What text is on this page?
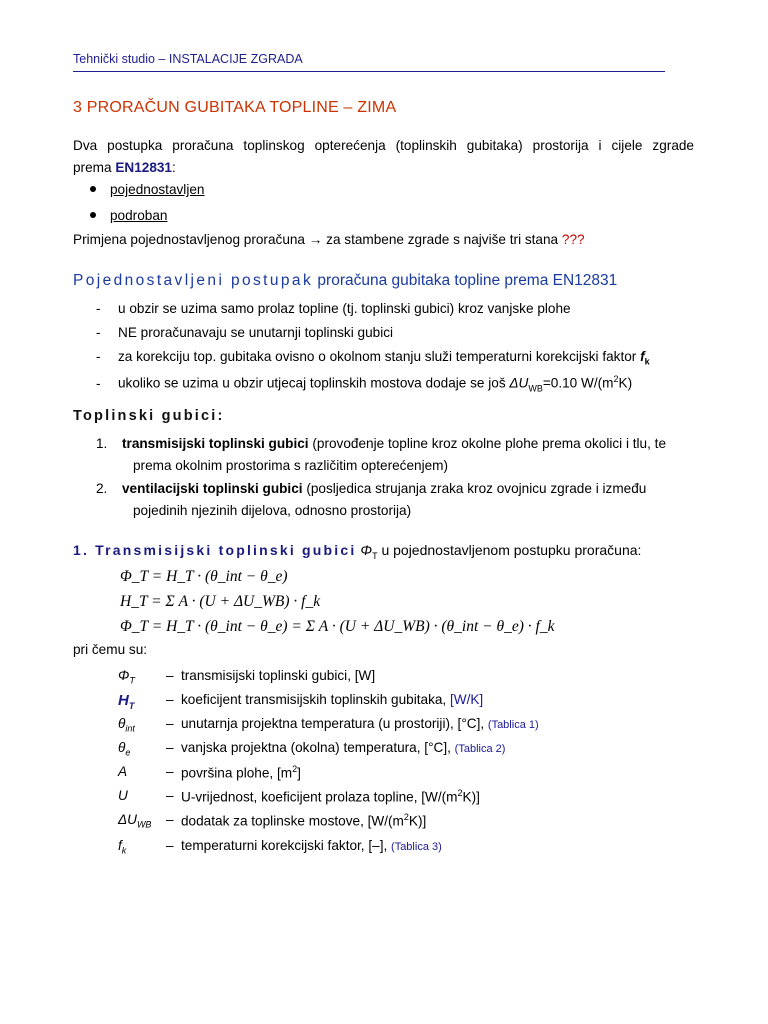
Tehnički studio – INSTALACIJE ZGRADA
3 PRORAČUN GUBITAKA TOPLINE – ZIMA
Dva postupka proračuna toplinskog opterećenja (toplinskih gubitaka) prostorija i cijele zgrade
prema EN12831:
pojednostavljen
podroban
Primjena pojednostavljenog proračuna → za stambene zgrade s najviše tri stana ???
Pojednostavljeni postupak proračuna gubitaka topline prema EN12831
- u obzir se uzima samo prolaz topline (tj. toplinski gubici) kroz vanjske plohe
- NE proračunavaju se unutarnji toplinski gubici
- za korekciju top. gubitaka ovisno o okolnom stanju služi temperaturni korekcijski faktor $f_k$
- ukoliko se uzima u obzir utjecaj toplinskih mostova dodaje se još $\Delta U_{WB}=0.10$ $W/(m^2K)$
Toplinski gubici:
1. transmisijski toplinski gubici (provođenje topline kroz okolne plohe prema okolici i tlu, te
prema okolnim prostorima s različitim opterećenjem)
2. ventilacijski toplinski gubici (posljedica strujanja zraka kroz ovojnicu zgrade i između
pojedinih njezinih dijelova, odnosno prostorija)
1. Transmisijski toplinski gubici $\Phi_T$ u pojednostavljenom postupku proračuna:
Φ_T = H_T · (θ_int − θ_e)
H_T = Σ A · (U + ΔU_WB) · f_k
Φ_T = H_T · (θ_int − θ_e) = Σ A · (U + ΔU_WB) · (θ_int − θ_e) · f_k
pri čemu su:
$\Phi_T$	– transmisijski toplinski gubici, [W]
$H_T$	– koeficijent transmisijskih toplinskih gubitaka, [W/K]
$\theta_{int}$	– unutarnja projektna temperatura (u prostoriji), [°C], (Tablica 1)
$\theta_e$	– vanjska projektna (okolna) temperatura, [°C], (Tablica 2)
A	– površina plohe, $[m^2]$
U	– U-vrijednost, koeficijent prolaza topline, $[W/(m^2K)]$
$\Delta U_{WB}$	– dodatak za toplinske mostove, $[W/(m^2K)]$
$f_k$	– temperaturni korekcijski faktor, [–], (Tablica 3)
